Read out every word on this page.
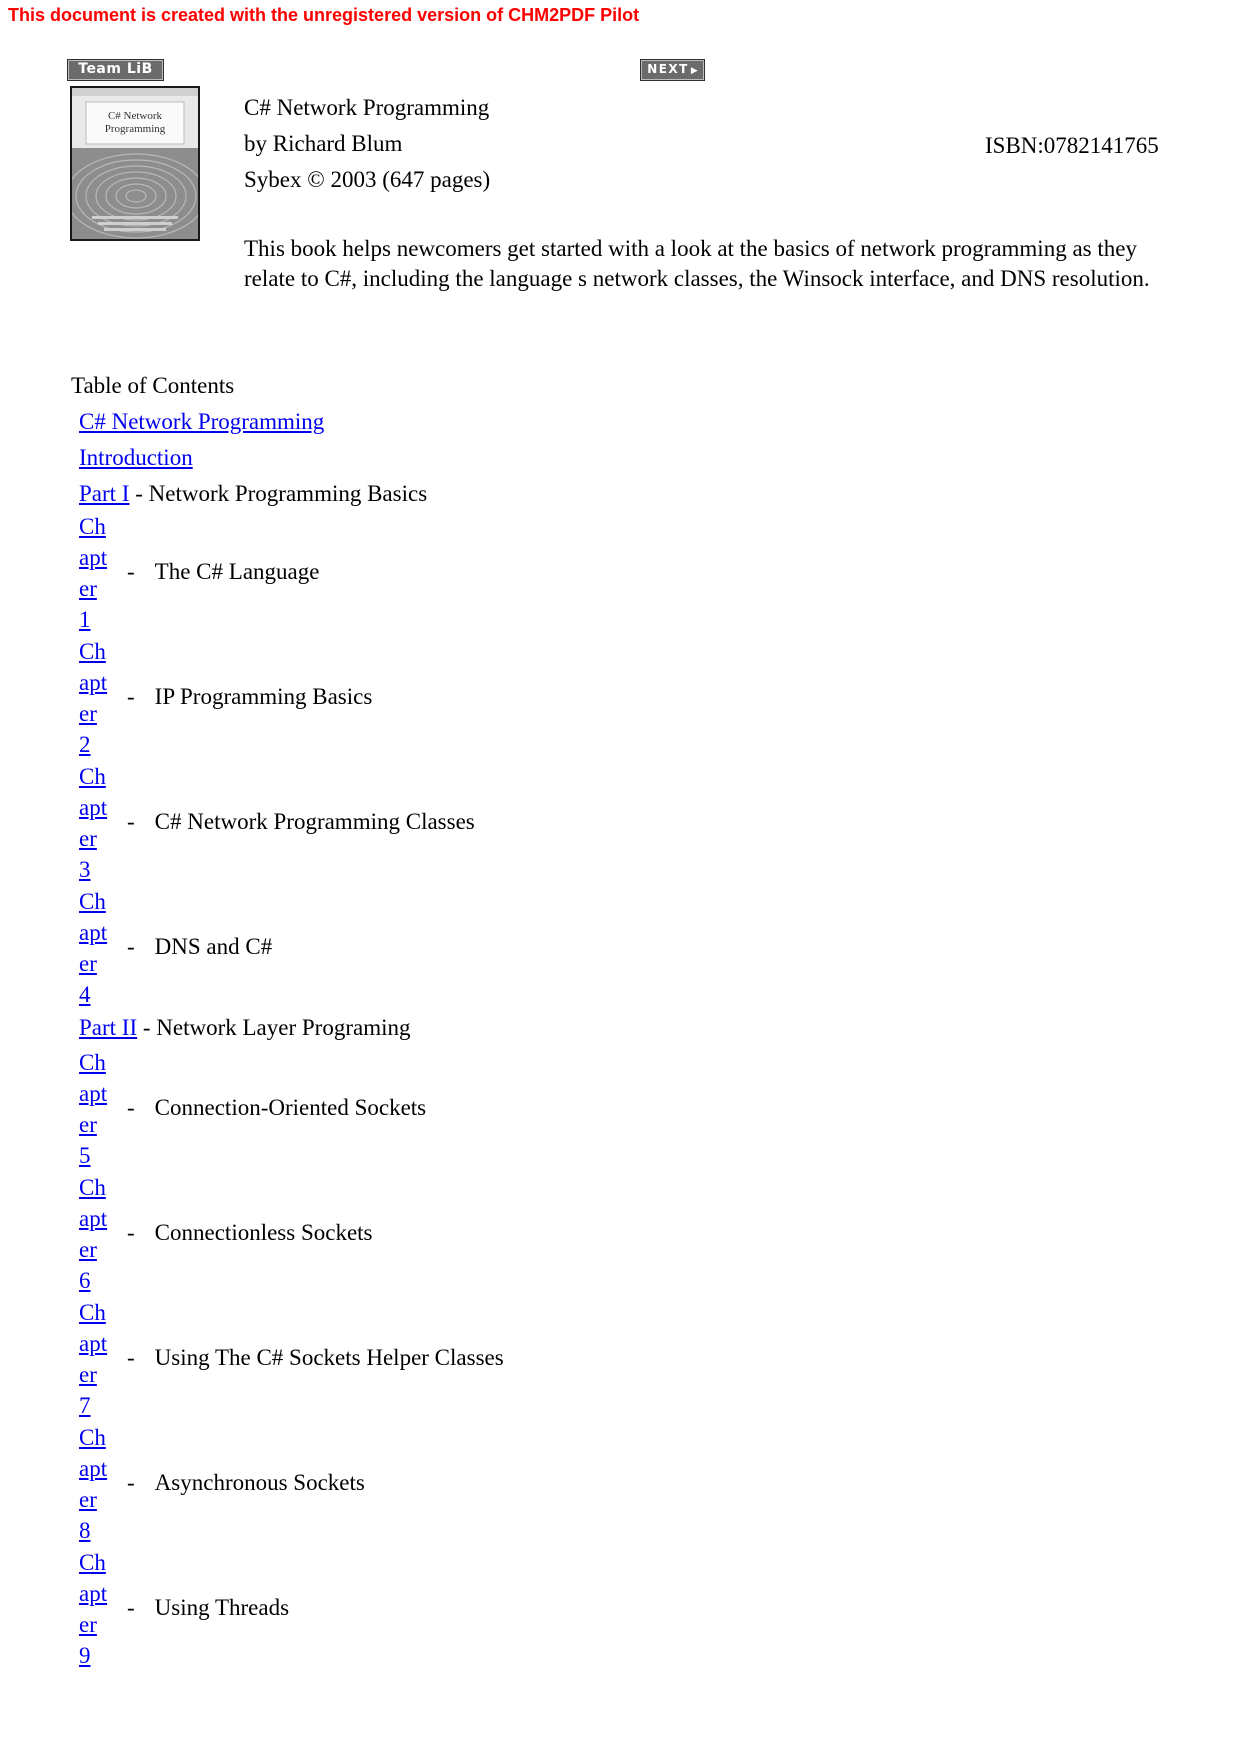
This document is created with the unregistered version of CHM2PDF Pilot
Team LiB	NEXT ▶
C# Network
Programming
C# Network Programming
by Richard Blum	ISBN:0782141765
Sybex © 2003 (647 pages)
This book helps newcomers get started with a look at the basics of network programming as they relate to C#, including the language s network classes, the Winsock interface, and DNS resolution.
Table of Contents
C# Network Programming
Introduction
Part I - Network Programming Basics
Ch
apt
er
1
- The C# Language
Ch
apt
er
2
- IP Programming Basics
Ch
apt
er
3
- C# Network Programming Classes
Ch
apt
er
4
- DNS and C#
Part II - Network Layer Programing
Ch
apt
er
5
- Connection-Oriented Sockets
Ch
apt
er
6
- Connectionless Sockets
Ch
apt
er
7
- Using The C# Sockets Helper Classes
Ch
apt
er
8
- Asynchronous Sockets
Ch
apt
er
9
- Using Threads
